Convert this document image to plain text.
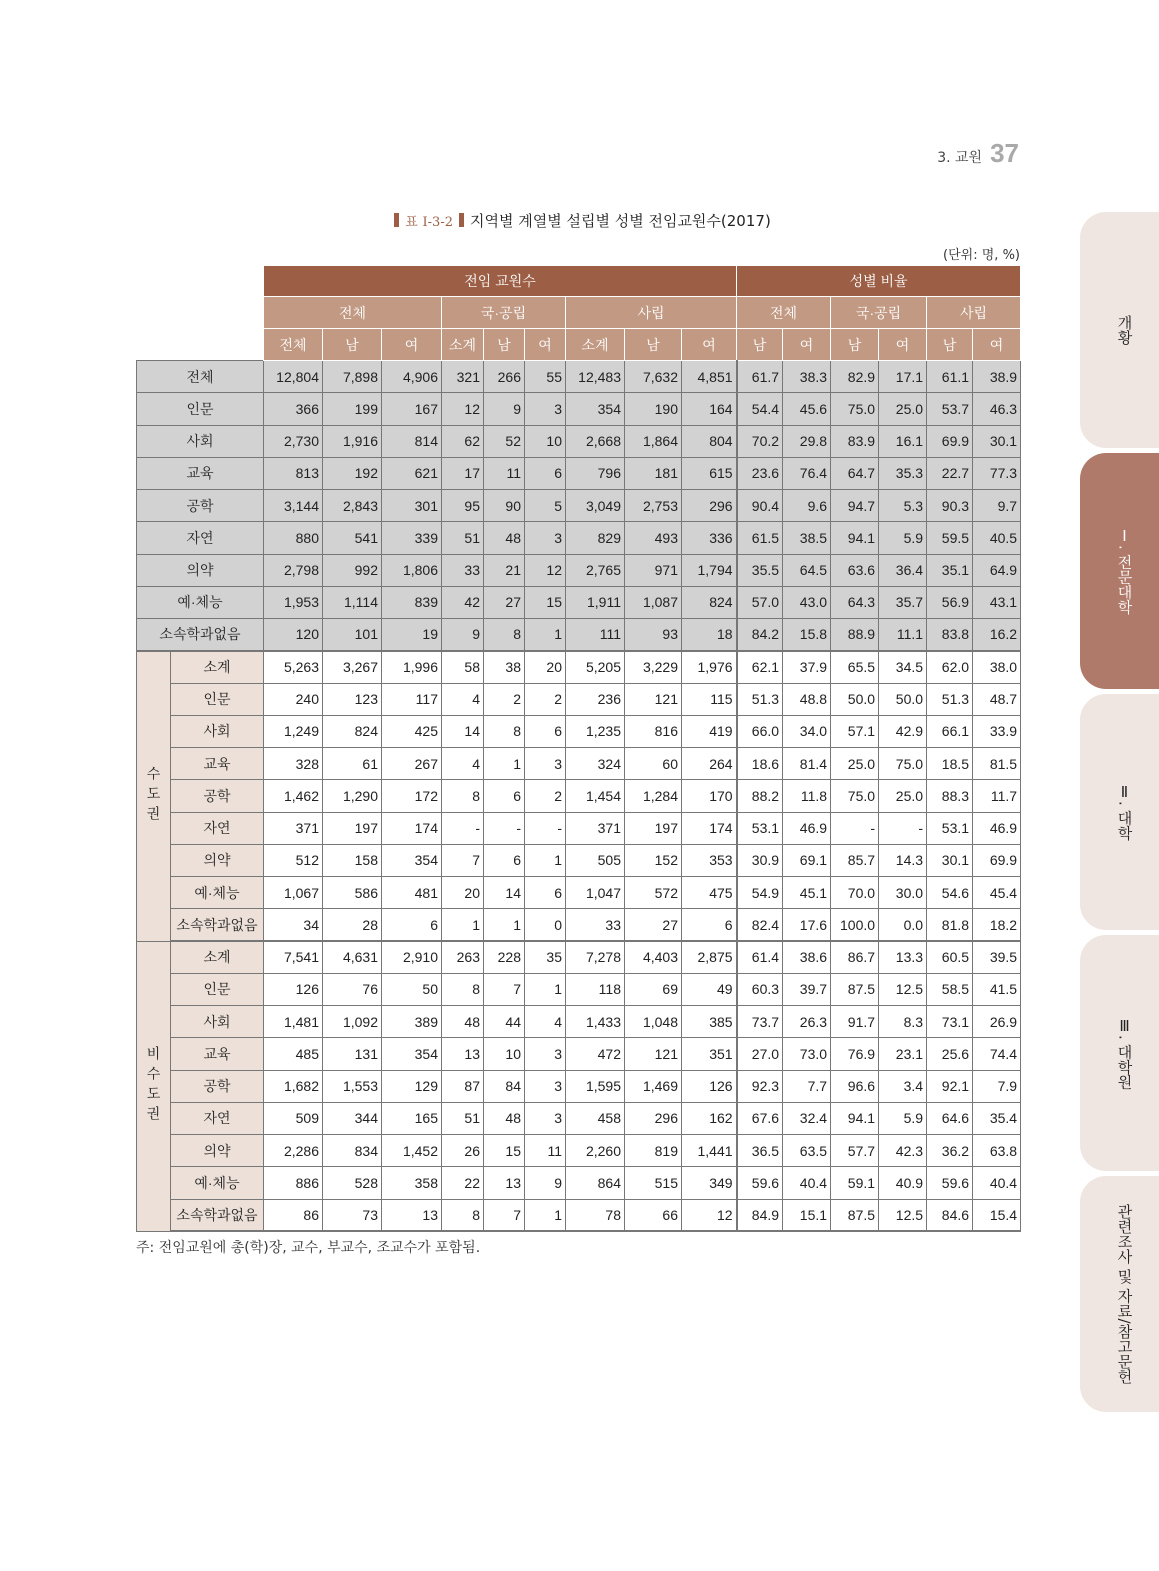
3. 교원 37
표 Ⅰ-3-2 지역별 계열별 설립별 성별 전임교원수(2017)
(단위: 명, %)
		전임 교원수									성별 비율					
		전체			국·공립			사립			전체		국·공립		사립	
		전체	남	여	소계	남	여	소계	남	여	남	여	남	여	남	여
전체		12,804	7,898	4,906	321	266	55	12,483	7,632	4,851	61.7	38.3	82.9	17.1	61.1	38.9
인문		366	199	167	12	9	3	354	190	164	54.4	45.6	75.0	25.0	53.7	46.3
사회		2,730	1,916	814	62	52	10	2,668	1,864	804	70.2	29.8	83.9	16.1	69.9	30.1
교육		813	192	621	17	11	6	796	181	615	23.6	76.4	64.7	35.3	22.7	77.3
공학		3,144	2,843	301	95	90	5	3,049	2,753	296	90.4	9.6	94.7	5.3	90.3	9.7
자연		880	541	339	51	48	3	829	493	336	61.5	38.5	94.1	5.9	59.5	40.5
의약		2,798	992	1,806	33	21	12	2,765	971	1,794	35.5	64.5	63.6	36.4	35.1	64.9
예·체능		1,953	1,114	839	42	27	15	1,911	1,087	824	57.0	43.0	64.3	35.7	56.9	43.1
소속학과없음		120	101	19	9	8	1	111	93	18	84.2	15.8	88.9	11.1	83.8	16.2
수도권	소계	5,263	3,267	1,996	58	38	20	5,205	3,229	1,976	62.1	37.9	65.5	34.5	62.0	38.0
	인문	240	123	117	4	2	2	236	121	115	51.3	48.8	50.0	50.0	51.3	48.7
	사회	1,249	824	425	14	8	6	1,235	816	419	66.0	34.0	57.1	42.9	66.1	33.9
	교육	328	61	267	4	1	3	324	60	264	18.6	81.4	25.0	75.0	18.5	81.5
	공학	1,462	1,290	172	8	6	2	1,454	1,284	170	88.2	11.8	75.0	25.0	88.3	11.7
	자연	371	197	174	-	-	-	371	197	174	53.1	46.9	-	-	53.1	46.9
	의약	512	158	354	7	6	1	505	152	353	30.9	69.1	85.7	14.3	30.1	69.9
	예·체능	1,067	586	481	20	14	6	1,047	572	475	54.9	45.1	70.0	30.0	54.6	45.4
	소속학과없음	34	28	6	1	1	0	33	27	6	82.4	17.6	100.0	0.0	81.8	18.2
비수도권	소계	7,541	4,631	2,910	263	228	35	7,278	4,403	2,875	61.4	38.6	86.7	13.3	60.5	39.5
	인문	126	76	50	8	7	1	118	69	49	60.3	39.7	87.5	12.5	58.5	41.5
	사회	1,481	1,092	389	48	44	4	1,433	1,048	385	73.7	26.3	91.7	8.3	73.1	26.9
	교육	485	131	354	13	10	3	472	121	351	27.0	73.0	76.9	23.1	25.6	74.4
	공학	1,682	1,553	129	87	84	3	1,595	1,469	126	92.3	7.7	96.6	3.4	92.1	7.9
	자연	509	344	165	51	48	3	458	296	162	67.6	32.4	94.1	5.9	64.6	35.4
	의약	2,286	834	1,452	26	15	11	2,260	819	1,441	36.5	63.5	57.7	42.3	36.2	63.8
	예·체능	886	528	358	22	13	9	864	515	349	59.6	40.4	59.1	40.9	59.6	40.4
	소속학과없음	86	73	13	8	7	1	78	66	12	84.9	15.1	87.5	12.5	84.6	15.4
주: 전임교원에 총(학)장, 교수, 부교수, 조교수가 포함됨.
개황
Ⅰ. 전문대학
Ⅱ. 대학
Ⅲ. 대학원
관련조사 및 자료/참고문헌
